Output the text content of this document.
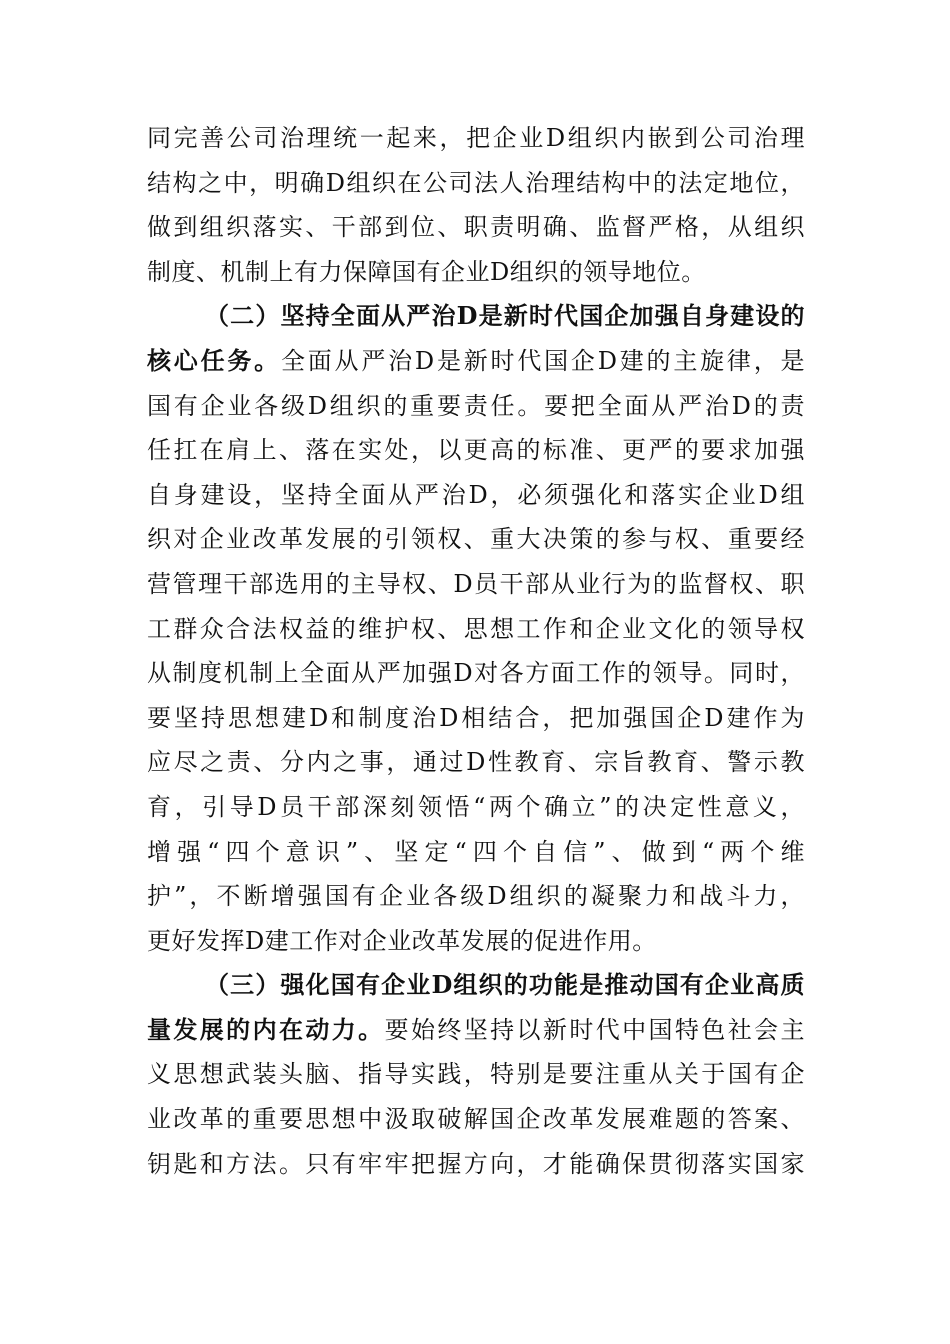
同完善公司治理统一起来，把企业D组织内嵌到公司治理
结构之中，明确D组织在公司法人治理结构中的法定地位，
做到组织落实、干部到位、职责明确、监督严格，从组织
制度、机制上有力保障国有企业D组织的领导地位。
（二）坚持全面从严治D是新时代国企加强自身建设的
核心任务。全面从严治D是新时代国企D建的主旋律，是
国有企业各级D组织的重要责任。要把全面从严治D的责
任扛在肩上、落在实处，以更高的标准、更严的要求加强
自身建设，坚持全面从严治D，必须强化和落实企业D组
织对企业改革发展的引领权、重大决策的参与权、重要经
营管理干部选用的主导权、D员干部从业行为的监督权、职
工群众合法权益的维护权、思想工作和企业文化的领导权
从制度机制上全面从严加强D对各方面工作的领导。同时，
要坚持思想建D和制度治D相结合，把加强国企D建作为
应尽之责、分内之事，通过D性教育、宗旨教育、警示教
育，引导D员干部深刻领悟“两个确立”的决定性意义，
增强“四个意识”、坚定“四个自信”、做到“两个维
护”，不断增强国有企业各级D组织的凝聚力和战斗力，
更好发挥D建工作对企业改革发展的促进作用。
（三）强化国有企业D组织的功能是推动国有企业高质
量发展的内在动力。要始终坚持以新时代中国特色社会主
义思想武装头脑、指导实践，特别是要注重从关于国有企
业改革的重要思想中汲取破解国企改革发展难题的答案、
钥匙和方法。只有牢牢把握方向，才能确保贯彻落实国家
